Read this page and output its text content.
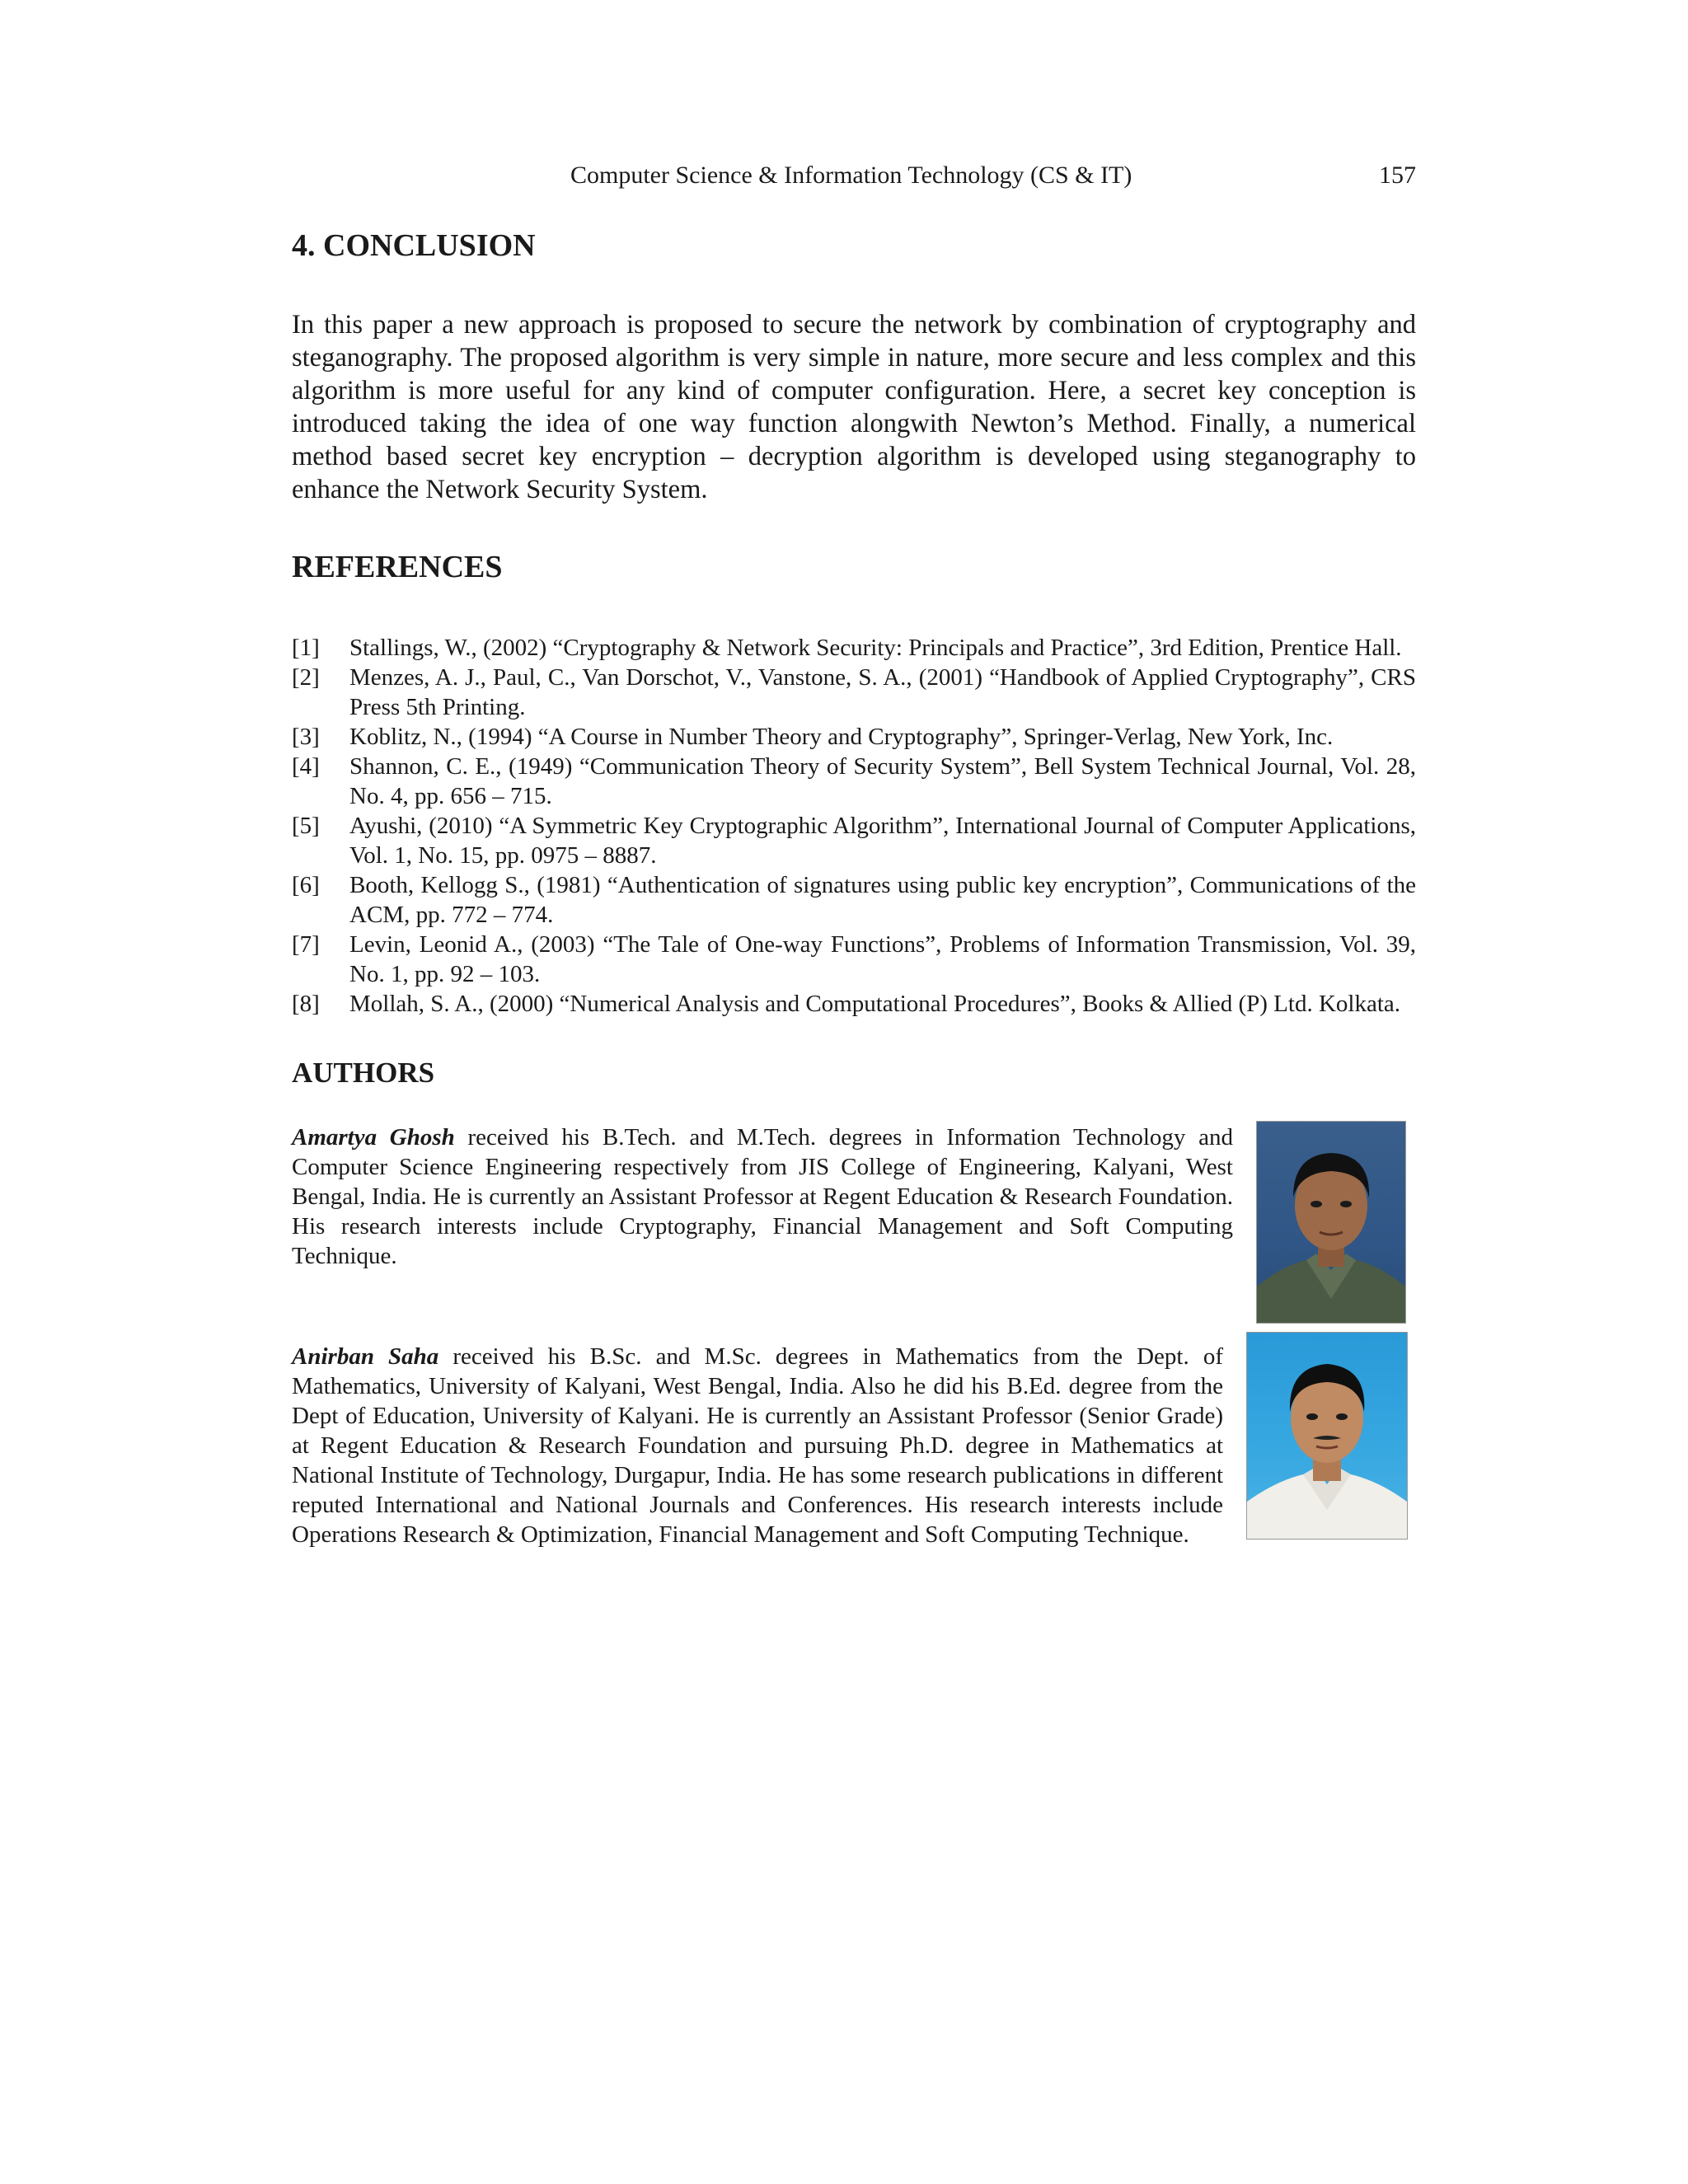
Computer Science & Information Technology (CS & IT)	157
4. CONCLUSION

In this paper a new approach is proposed to secure the network by combination of cryptography and steganography. The proposed algorithm is very simple in nature, more secure and less complex and this algorithm is more useful for any kind of computer configuration. Here, a secret key conception is introduced taking the idea of one way function alongwith Newton’s Method. Finally, a numerical method based secret key encryption – decryption algorithm is developed using steganography to enhance the Network Security System.

REFERENCES
[1] Stallings, W., (2002) “Cryptography & Network Security: Principals and Practice”, 3rd Edition, Prentice Hall.
[2] Menzes, A. J., Paul, C., Van Dorschot, V., Vanstone, S. A., (2001) “Handbook of Applied Cryptography”, CRS Press 5th Printing.
[3] Koblitz, N., (1994) “A Course in Number Theory and Cryptography”, Springer-Verlag, New York, Inc.
[4] Shannon, C. E., (1949) “Communication Theory of Security System”, Bell System Technical Journal, Vol. 28, No. 4, pp. 656 – 715.
[5] Ayushi, (2010) “A Symmetric Key Cryptographic Algorithm”, International Journal of Computer Applications, Vol. 1, No. 15, pp. 0975 – 8887.
[6] Booth, Kellogg S., (1981) “Authentication of signatures using public key encryption”, Communications of the ACM, pp. 772 – 774.
[7] Levin, Leonid A., (2003) “The Tale of One-way Functions”, Problems of Information Transmission, Vol. 39, No. 1, pp. 92 – 103.
[8] Mollah, S. A., (2000) “Numerical Analysis and Computational Procedures”, Books & Allied (P) Ltd. Kolkata.
AUTHORS
Amartya Ghosh received his B.Tech. and M.Tech. degrees in Information Technology and Computer Science Engineering respectively from JIS College of Engineering, Kalyani, West Bengal, India. He is currently an Assistant Professor at Regent Education & Research Foundation. His research interests include Cryptography, Financial Management and Soft Computing Technique.
Anirban Saha received his B.Sc. and M.Sc. degrees in Mathematics from the Dept. of Mathematics, University of Kalyani, West Bengal, India. Also he did his B.Ed. degree from the Dept of Education, University of Kalyani. He is currently an Assistant Professor (Senior Grade) at Regent Education & Research Foundation and pursuing Ph.D. degree in Mathematics at National Institute of Technology, Durgapur, India. He has some research publications in different reputed International and National Journals and Conferences. His research interests include Operations Research & Optimization, Financial Management and Soft Computing Technique.
